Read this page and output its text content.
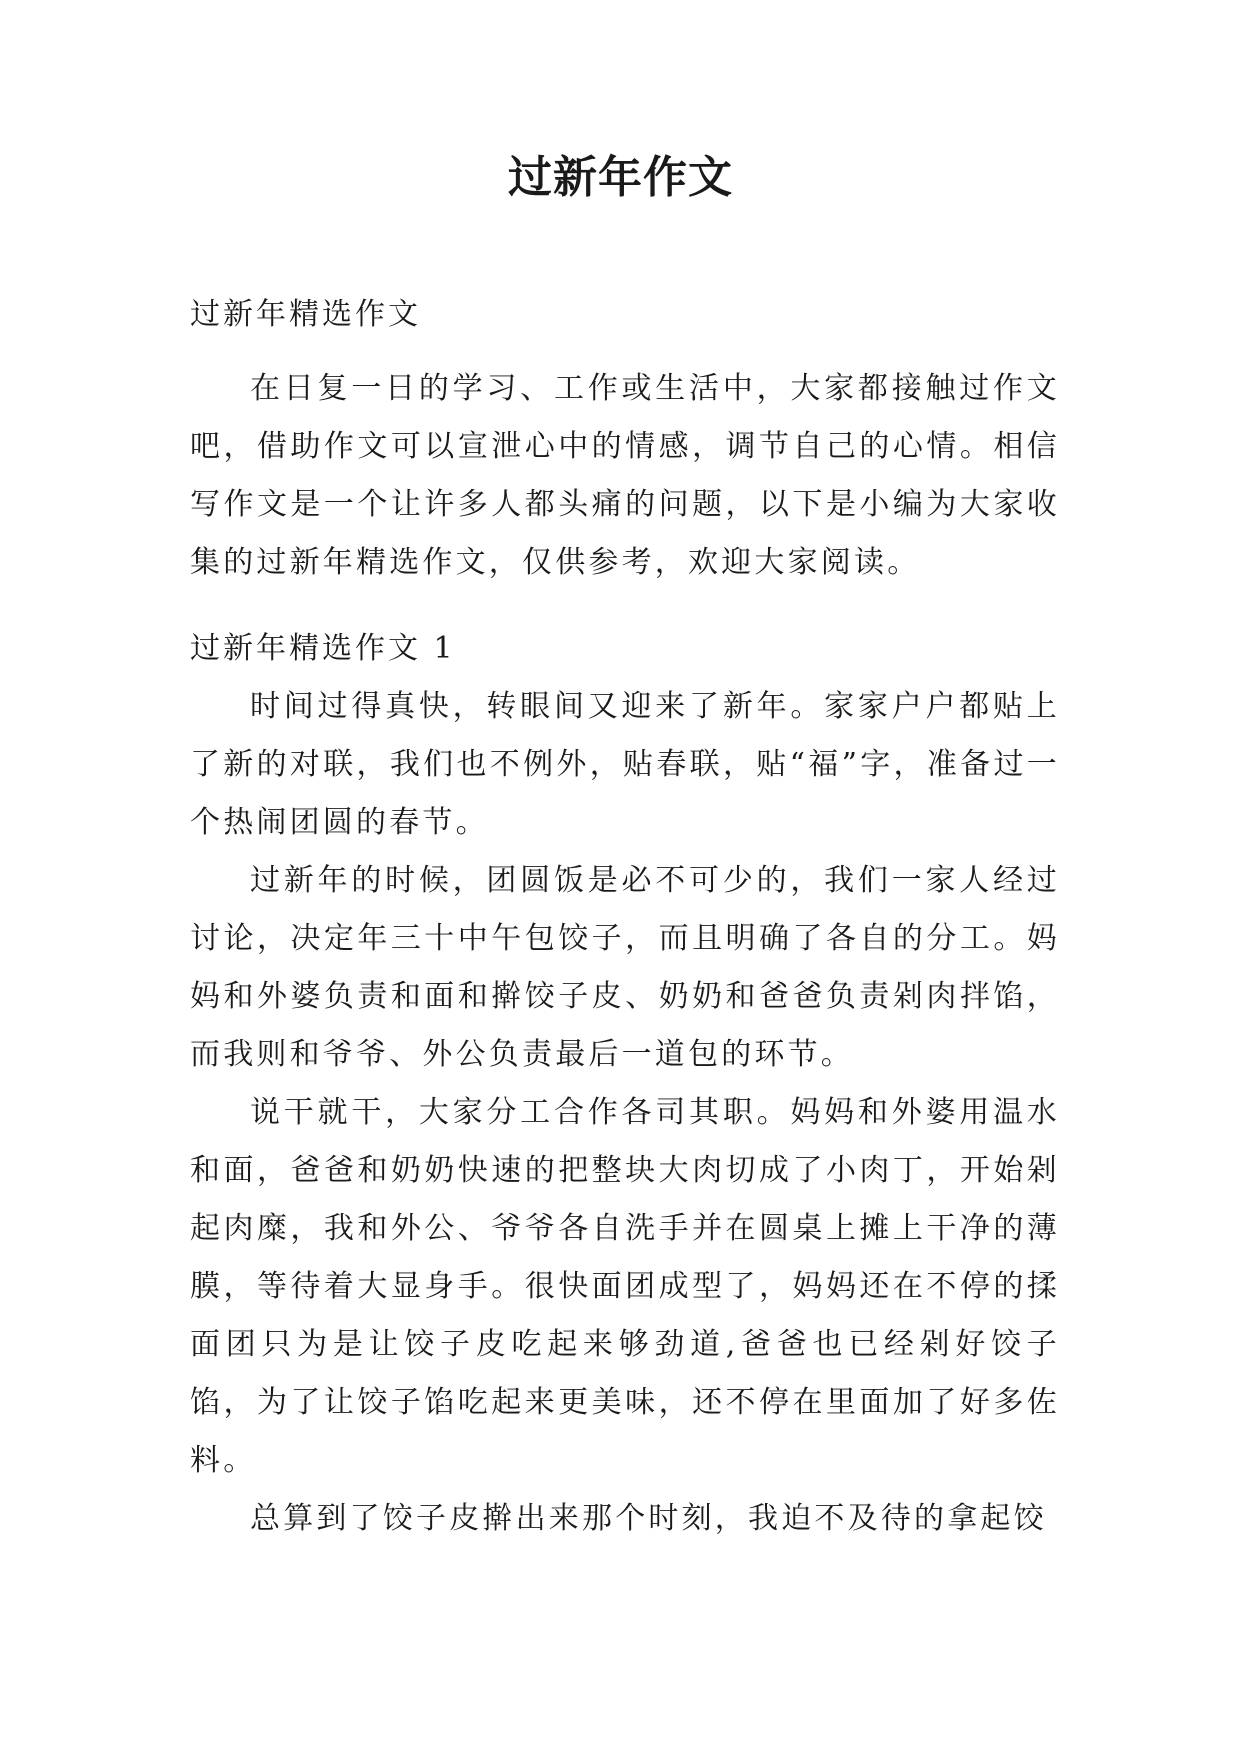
过新年作文

过新年精选作文

在日复一日的学习、工作或生活中，大家都接触过作文吧，借助作文可以宣泄心中的情感，调节自己的心情。相信写作文是一个让许多人都头痛的问题，以下是小编为大家收集的过新年精选作文，仅供参考，欢迎大家阅读。

过新年精选作文 1

时间过得真快，转眼间又迎来了新年。家家户户都贴上了新的对联，我们也不例外，贴春联，贴“福”字，准备过一个热闹团圆的春节。

过新年的时候，团圆饭是必不可少的，我们一家人经过讨论，决定年三十中午包饺子，而且明确了各自的分工。妈妈和外婆负责和面和擀饺子皮、奶奶和爸爸负责剁肉拌馅，而我则和爷爷、外公负责最后一道包的环节。

说干就干，大家分工合作各司其职。妈妈和外婆用温水和面，爸爸和奶奶快速的把整块大肉切成了小肉丁，开始剁起肉糜，我和外公、爷爷各自洗手并在圆桌上摊上干净的薄膜，等待着大显身手。很快面团成型了，妈妈还在不停的揉面团只为是让饺子皮吃起来够劲道,爸爸也已经剁好饺子馅，为了让饺子馅吃起来更美味，还不停在里面加了好多佐料。

总算到了饺子皮擀出来那个时刻，我迫不及待的拿起饺
